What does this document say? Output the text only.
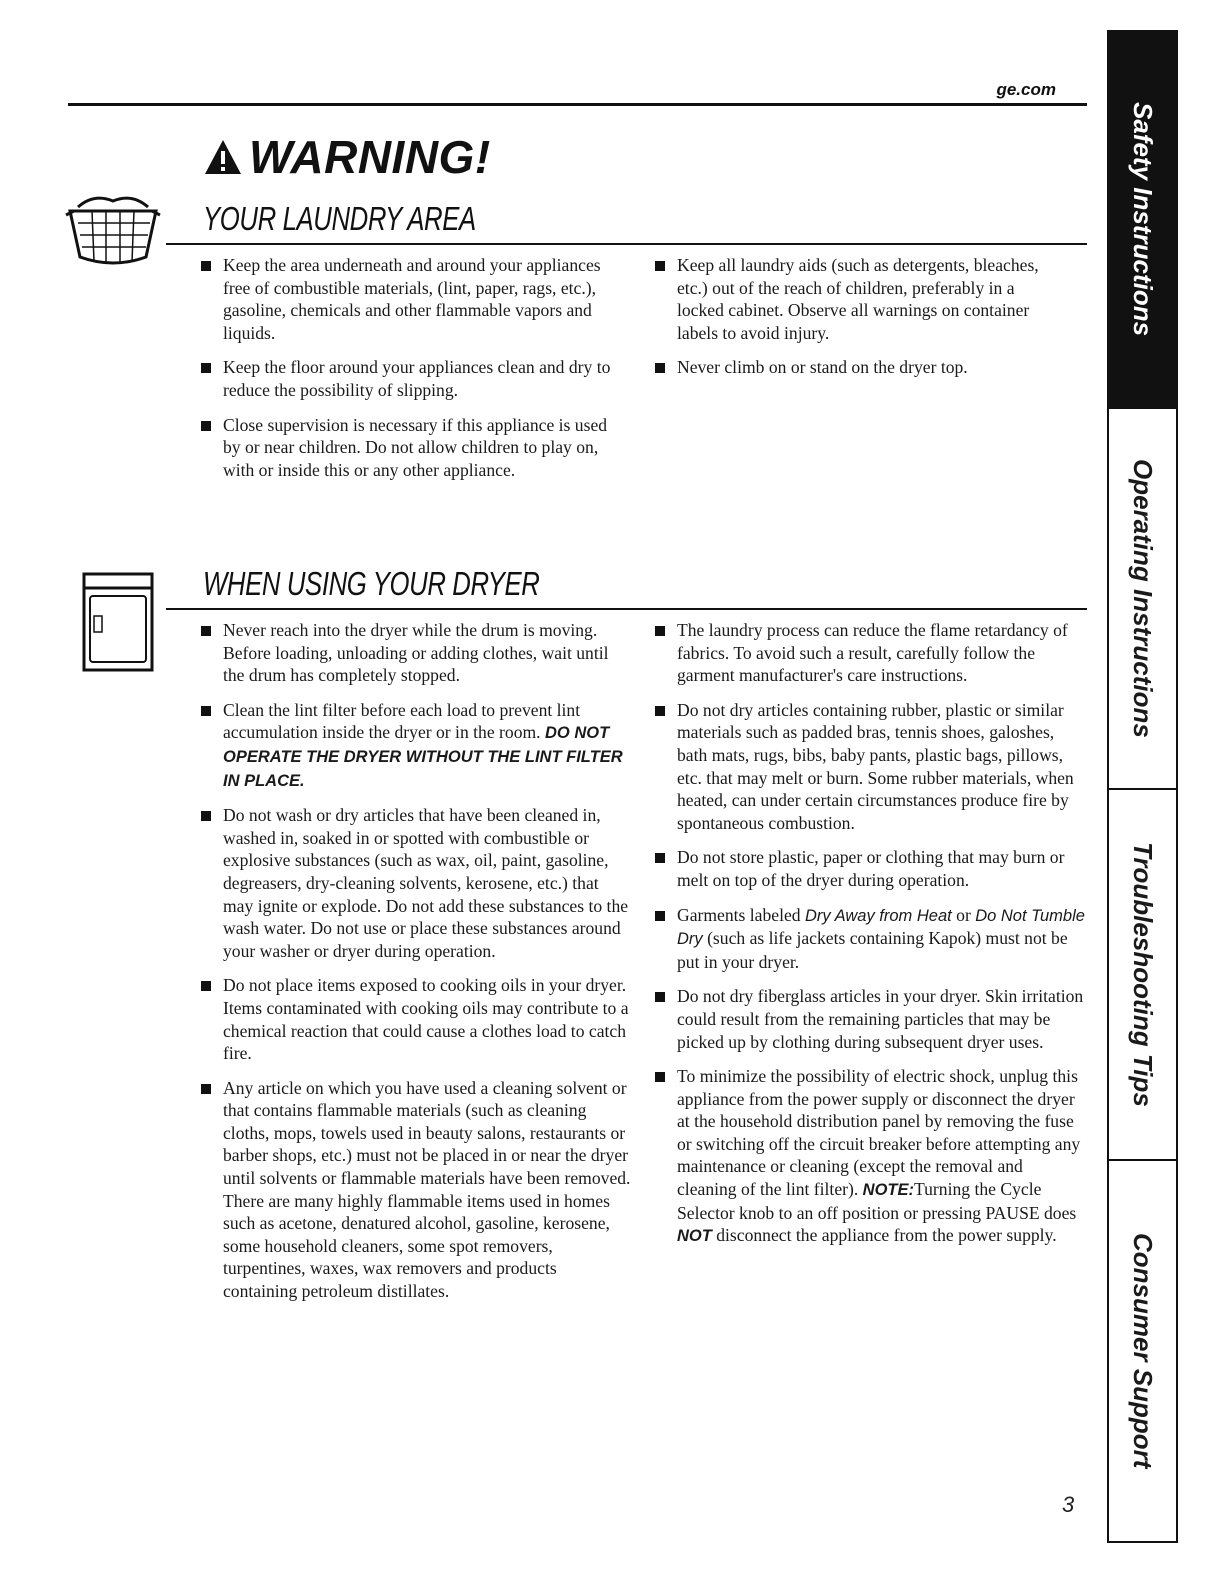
ge.com
WARNING!
YOUR LAUNDRY AREA

Keep the area underneath and around your appliances free of combustible materials, (lint, paper, rags, etc.), gasoline, chemicals and other flammable vapors and liquids.

Keep the floor around your appliances clean and dry to reduce the possibility of slipping.

Close supervision is necessary if this appliance is used by or near children. Do not allow children to play on, with or inside this or any other appliance.

Keep all laundry aids (such as detergents, bleaches, etc.) out of the reach of children, preferably in a locked cabinet. Observe all warnings on container labels to avoid injury.

Never climb on or stand on the dryer top.

WHEN USING YOUR DRYER

Never reach into the dryer while the drum is moving. Before loading, unloading or adding clothes, wait until the drum has completely stopped.

Clean the lint filter before each load to prevent lint accumulation inside the dryer or in the room. DO NOT OPERATE THE DRYER WITHOUT THE LINT FILTER IN PLACE.

Do not wash or dry articles that have been cleaned in, washed in, soaked in or spotted with combustible or explosive substances (such as wax, oil, paint, gasoline, degreasers, dry-cleaning solvents, kerosene, etc.) that may ignite or explode. Do not add these substances to the wash water. Do not use or place these substances around your washer or dryer during operation.

Do not place items exposed to cooking oils in your dryer. Items contaminated with cooking oils may contribute to a chemical reaction that could cause a clothes load to catch fire.

Any article on which you have used a cleaning solvent or that contains flammable materials (such as cleaning cloths, mops, towels used in beauty salons, restaurants or barber shops, etc.) must not be placed in or near the dryer until solvents or flammable materials have been removed. There are many highly flammable items used in homes such as acetone, denatured alcohol, gasoline, kerosene, some household cleaners, some spot removers, turpentines, waxes, wax removers and products containing petroleum distillates.

The laundry process can reduce the flame retardancy of fabrics. To avoid such a result, carefully follow the garment manufacturer's care instructions.

Do not dry articles containing rubber, plastic or similar materials such as padded bras, tennis shoes, galoshes, bath mats, rugs, bibs, baby pants, plastic bags, pillows, etc. that may melt or burn. Some rubber materials, when heated, can under certain circumstances produce fire by spontaneous combustion.

Do not store plastic, paper or clothing that may burn or melt on top of the dryer during operation.

Garments labeled Dry Away from Heat or Do Not Tumble Dry (such as life jackets containing Kapok) must not be put in your dryer.

Do not dry fiberglass articles in your dryer. Skin irritation could result from the remaining particles that may be picked up by clothing during subsequent dryer uses.

To minimize the possibility of electric shock, unplug this appliance from the power supply or disconnect the dryer at the household distribution panel by removing the fuse or switching off the circuit breaker before attempting any maintenance or cleaning (except the removal and cleaning of the lint filter). NOTE:Turning the Cycle Selector knob to an off position or pressing PAUSE does NOT disconnect the appliance from the power supply.

Safety Instructions
Operating Instructions
Troubleshooting Tips
Consumer Support
3
